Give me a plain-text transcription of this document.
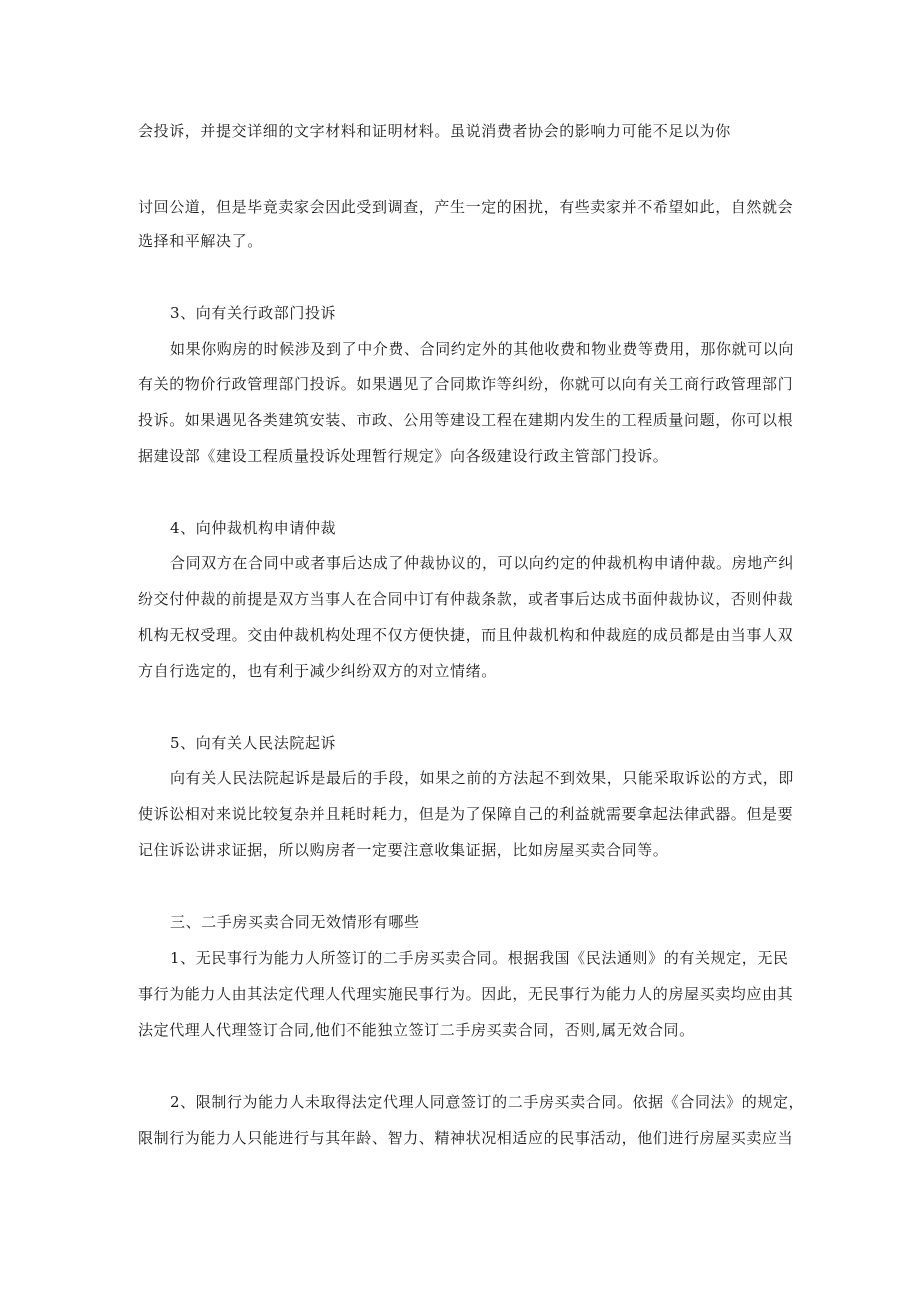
会投诉，并提交详细的文字材料和证明材料。虽说消费者协会的影响力可能不足以为你
讨回公道，但是毕竟卖家会因此受到调查，产生一定的困扰，有些卖家并不希望如此，自然就会
选择和平解决了。
3、向有关行政部门投诉
如果你购房的时候涉及到了中介费、合同约定外的其他收费和物业费等费用，那你就可以向
有关的物价行政管理部门投诉。如果遇见了合同欺诈等纠纷，你就可以向有关工商行政管理部门
投诉。如果遇见各类建筑安装、市政、公用等建设工程在建期内发生的工程质量问题，你可以根
据建设部《建设工程质量投诉处理暂行规定》向各级建设行政主管部门投诉。
4、向仲裁机构申请仲裁
合同双方在合同中或者事后达成了仲裁协议的，可以向约定的仲裁机构申请仲裁。房地产纠
纷交付仲裁的前提是双方当事人在合同中订有仲裁条款，或者事后达成书面仲裁协议，否则仲裁
机构无权受理。交由仲裁机构处理不仅方便快捷，而且仲裁机构和仲裁庭的成员都是由当事人双
方自行选定的，也有利于减少纠纷双方的对立情绪。
5、向有关人民法院起诉
向有关人民法院起诉是最后的手段，如果之前的方法起不到效果，只能采取诉讼的方式，即
使诉讼相对来说比较复杂并且耗时耗力，但是为了保障自己的利益就需要拿起法律武器。但是要
记住诉讼讲求证据，所以购房者一定要注意收集证据，比如房屋买卖合同等。
三、二手房买卖合同无效情形有哪些
1、无民事行为能力人所签订的二手房买卖合同。根据我国《民法通则》的有关规定，无民
事行为能力人由其法定代理人代理实施民事行为。因此，无民事行为能力人的房屋买卖均应由其
法定代理人代理签订合同,他们不能独立签订二手房买卖合同，否则,属无效合同。
2、限制行为能力人未取得法定代理人同意签订的二手房买卖合同。依据《合同法》的规定，
限制行为能力人只能进行与其年龄、智力、精神状况相适应的民事活动，他们进行房屋买卖应当
